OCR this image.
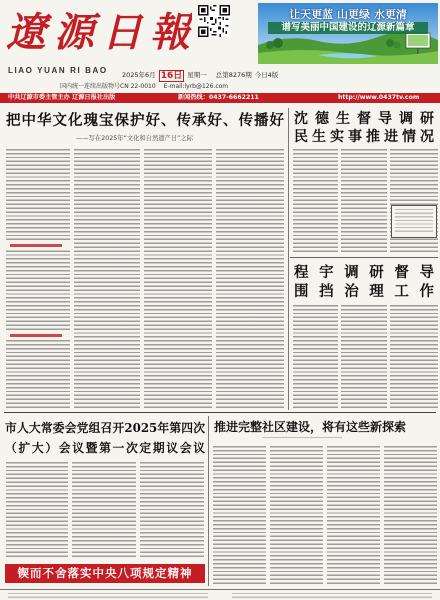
遼源日報
LIAO YUAN RI BAO 2025年6月 16日 星期一 总第8276期 今日4版
国内统一连续出版物号CN 22-0010 E-mail:lyrb@126.com
让天更蓝 山更绿 水更清
谱写美丽中国建设的辽源新篇章
中共辽源市委主管主办 辽源日报社出版	新闻热线：0437-6662211	http://www.0437tv.com
把中华文化瑰宝保护好、传承好、传播好
——写在2025年“文化和自然遗产日”之际
沈德生督导调研
民生实事推进情况
程宇调研督导
围挡治理工作
市人大常委会党组召开2025年第四次
（扩大）会议暨第一次定期议会议
锲而不舍落实中央八项规定精神
推进完整社区建设，将有这些新探索
